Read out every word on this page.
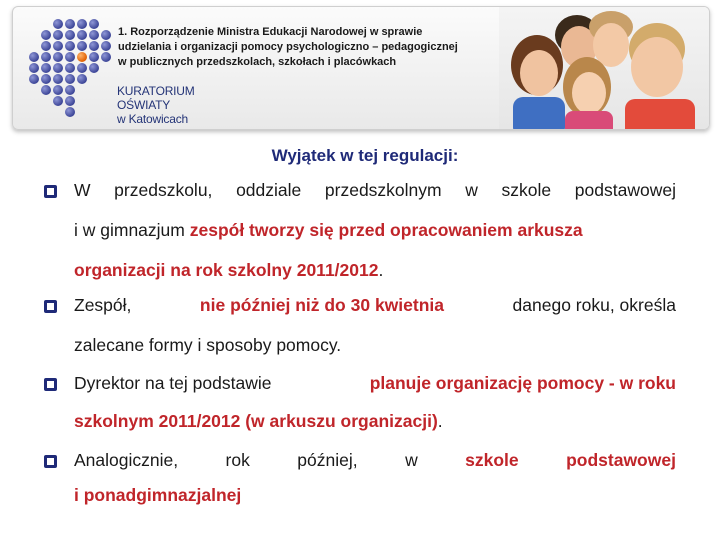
1. Rozporządzenie Ministra Edukacji Narodowej w sprawie
udzielania i organizacji pomocy psychologiczno – pedagogicznej
w publicznych przedszkolach, szkołach i placówkach
KURATORIUM
OŚWIATY
w Katowicach
Wyjątek w tej regulacji:
W przedszkolu, oddziale przedszkolnym w szkole podstawowej
i w gimnazjum zespół tworzy się przed opracowaniem arkusza
organizacji na rok szkolny 2011/2012.
Zespół,	nie później niż do 30 kwietnia	danego roku, określa
zalecane formy i sposoby pomocy.
Dyrektor na tej podstawie	planuje organizację pomocy - w roku
szkolnym 2011/2012 (w arkuszu organizacji).
Analogicznie,	rok	później,	w	szkole	podstawowej
i ponadgimnazjalnej
